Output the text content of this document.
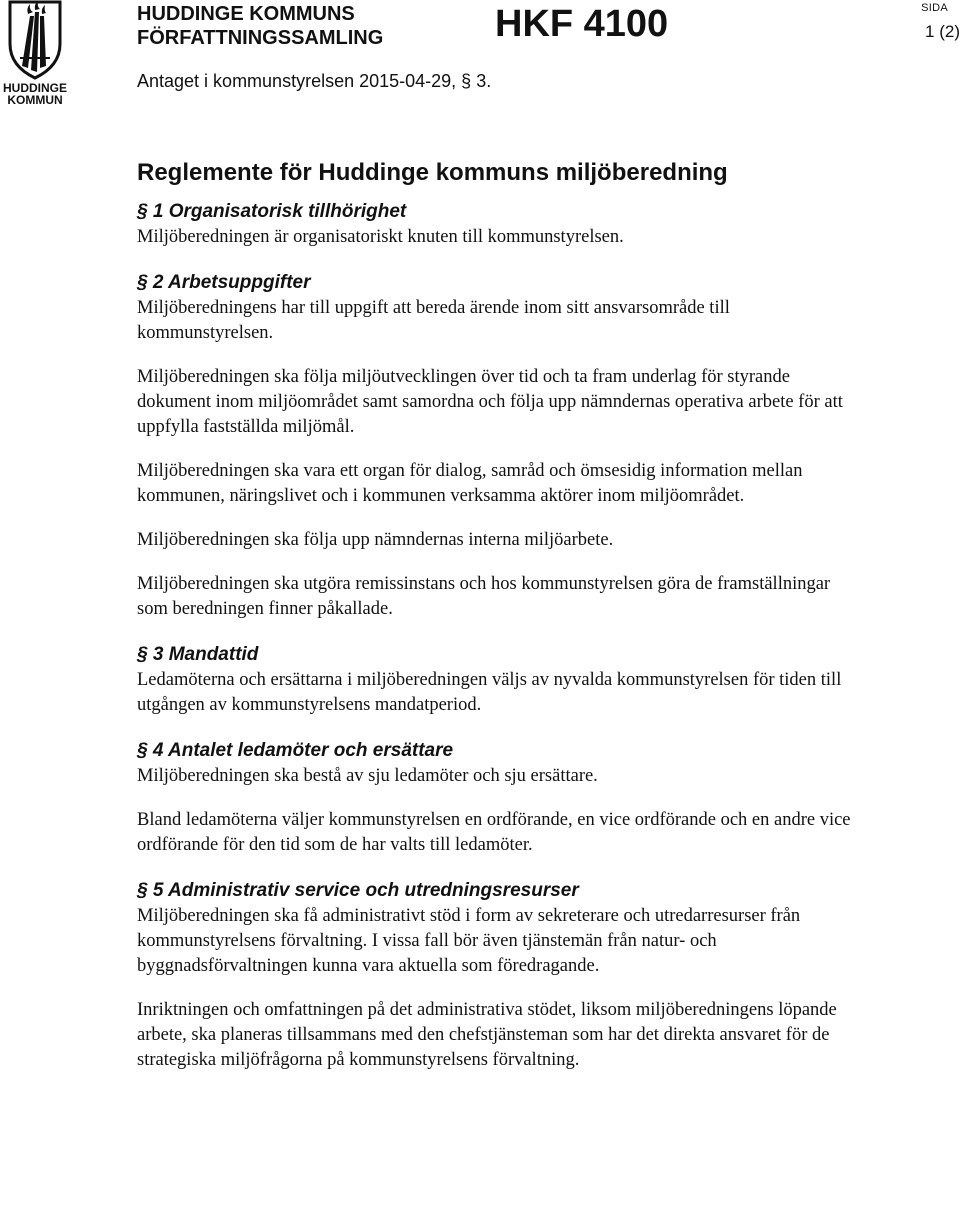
HUDDINGE
KOMMUN
HUDDINGE KOMMUNS
FÖRFATTNINGSSAMLING	HKF 4100	SIDA
1 (2)
Antaget i kommunstyrelsen 2015-04-29, § 3.
Reglemente för Huddinge kommuns miljöberedning
§ 1 Organisatorisk tillhörighet

Miljöberedningen är organisatoriskt knuten till kommunstyrelsen.

§ 2 Arbetsuppgifter

Miljöberedningens har till uppgift att bereda ärende inom sitt ansvarsområde till kommunstyrelsen.

Miljöberedningen ska följa miljöutvecklingen över tid och ta fram underlag för styrande dokument inom miljöområdet samt samordna och följa upp nämndernas operativa arbete för att uppfylla fastställda miljömål.

Miljöberedningen ska vara ett organ för dialog, samråd och ömsesidig information mellan kommunen, näringslivet och i kommunen verksamma aktörer inom miljöområdet.

Miljöberedningen ska följa upp nämndernas interna miljöarbete.

Miljöberedningen ska utgöra remissinstans och hos kommunstyrelsen göra de framställningar som beredningen finner påkallade.

§ 3 Mandattid

Ledamöterna och ersättarna i miljöberedningen väljs av nyvalda kommunstyrelsen för tiden till utgången av kommunstyrelsens mandatperiod.

§ 4 Antalet ledamöter och ersättare

Miljöberedningen ska bestå av sju ledamöter och sju ersättare.

Bland ledamöterna väljer kommunstyrelsen en ordförande, en vice ordförande och en andre vice ordförande för den tid som de har valts till ledamöter.

§ 5 Administrativ service och utredningsresurser

Miljöberedningen ska få administrativt stöd i form av sekreterare och utredarresurser från kommunstyrelsens förvaltning. I vissa fall bör även tjänstemän från natur- och byggnadsförvaltningen kunna vara aktuella som föredragande.

Inriktningen och omfattningen på det administrativa stödet, liksom miljöberedningens löpande arbete, ska planeras tillsammans med den chefstjänsteman som har det direkta ansvaret för de strategiska miljöfrågorna på kommunstyrelsens förvaltning.
